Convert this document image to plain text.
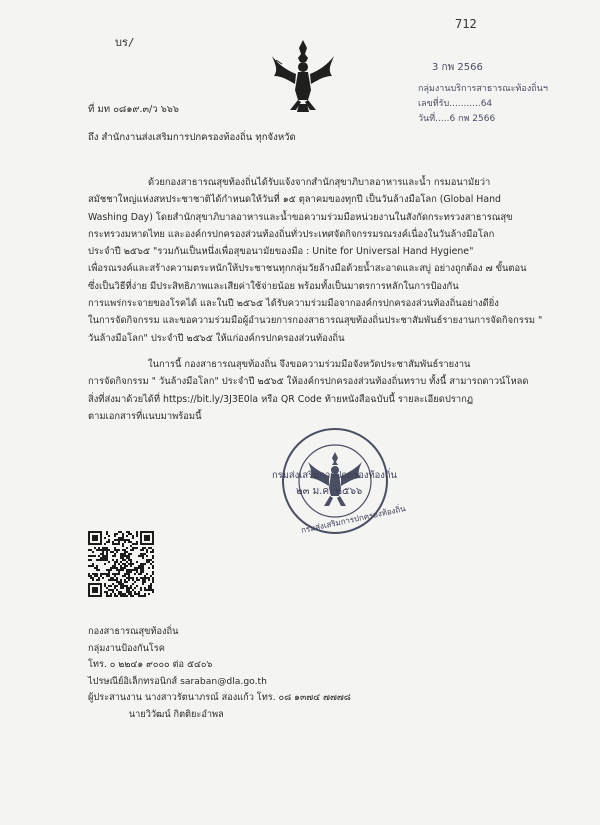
บร/
712
3 กพ 2566
กลุ่มงานบริการสาธารณะท้องถิ่นฯ
เลขที่รับ...........64
วันที่.....6 กพ 2566
ที่ มท ๐๘๑๙.๓/ว ๖๖๖
ถึง สำนักงานส่งเสริมการปกครองท้องถิ่น ทุกจังหวัด
ด้วยกองสาธารณสุขท้องถิ่นได้รับแจ้งจากสำนักสุขาภิบาลอาหารและน้ำ กรมอนามัยว่า
สมัชชาใหญ่แห่งสหประชาชาติได้กำหนดให้วันที่ ๑๕ ตุลาคมของทุกปี เป็นวันล้างมือโลก (Global Hand
Washing Day) โดยสำนักสุขาภิบาลอาหารและน้ำขอความร่วมมือหน่วยงานในสังกัดกระทรวงสาธารณสุข
กระทรวงมหาดไทย และองค์กรปกครองส่วนท้องถิ่นทั่วประเทศจัดกิจกรรมรณรงค์เนื่องในวันล้างมือโลก
ประจำปี ๒๕๖๕ "รวมกันเป็นหนึ่งเพื่อสุขอนามัยของมือ : Unite for Universal Hand Hygiene"
เพื่อรณรงค์และสร้างความตระหนักให้ประชาชนทุกกลุ่มวัยล้างมือด้วยน้ำสะอาดและสบู่ อย่างถูกต้อง ๗ ขั้นตอน
ซึ่งเป็นวิธีที่ง่าย มีประสิทธิภาพและเสียค่าใช้จ่ายน้อย พร้อมทั้งเป็นมาตรการหลักในการป้องกัน
การแพร่กระจายของโรคได้ และในปี ๒๕๖๕ ได้รับความร่วมมือจากองค์กรปกครองส่วนท้องถิ่นอย่างดียิ่ง
ในการจัดกิจกรรม และขอความร่วมมือผู้อำนวยการกองสาธารณสุขท้องถิ่นประชาสัมพันธ์รายงานการจัดกิจกรรม "
วันล้างมือโลก" ประจำปี ๒๕๖๕ ให้แก่องค์กรปกครองส่วนท้องถิ่น
ในการนี้ กองสาธารณสุขท้องถิ่น จึงขอความร่วมมือจังหวัดประชาสัมพันธ์รายงาน
การจัดกิจกรรม " วันล้างมือโลก" ประจำปี ๒๕๖๕ ให้องค์กรปกครองส่วนท้องถิ่นทราบ ทั้งนี้ สามารถดาวน์โหลด
สิ่งที่ส่งมาด้วยได้ที่ https://bit.ly/3J3E0la หรือ QR Code ท้ายหนังสือฉบับนี้ รายละเอียดปรากฏ
ตามเอกสารที่แนบมาพร้อมนี้
กรมส่งเสริมการปกครองท้องถิ่น
๒๓ ม.ค. ๒๕๖๖
กรมส่งเสริมการปกครองท้องถิ่น
กองสาธารณสุขท้องถิ่น
กลุ่มงานป้องกันโรค
โทร. ๐ ๒๒๔๑ ๙๐๐๐ ต่อ ๕๔๐๖
ไปรษณีย์อิเล็กทรอนิกส์ saraban@dla.go.th
ผู้ประสานงาน นางสาวรัตนาภรณ์ สองแก้ว โทร. ๐๘ ๑๓๗๔ ๗๗๗๘
นายวิวัฒน์ กิตติยะอำพล
